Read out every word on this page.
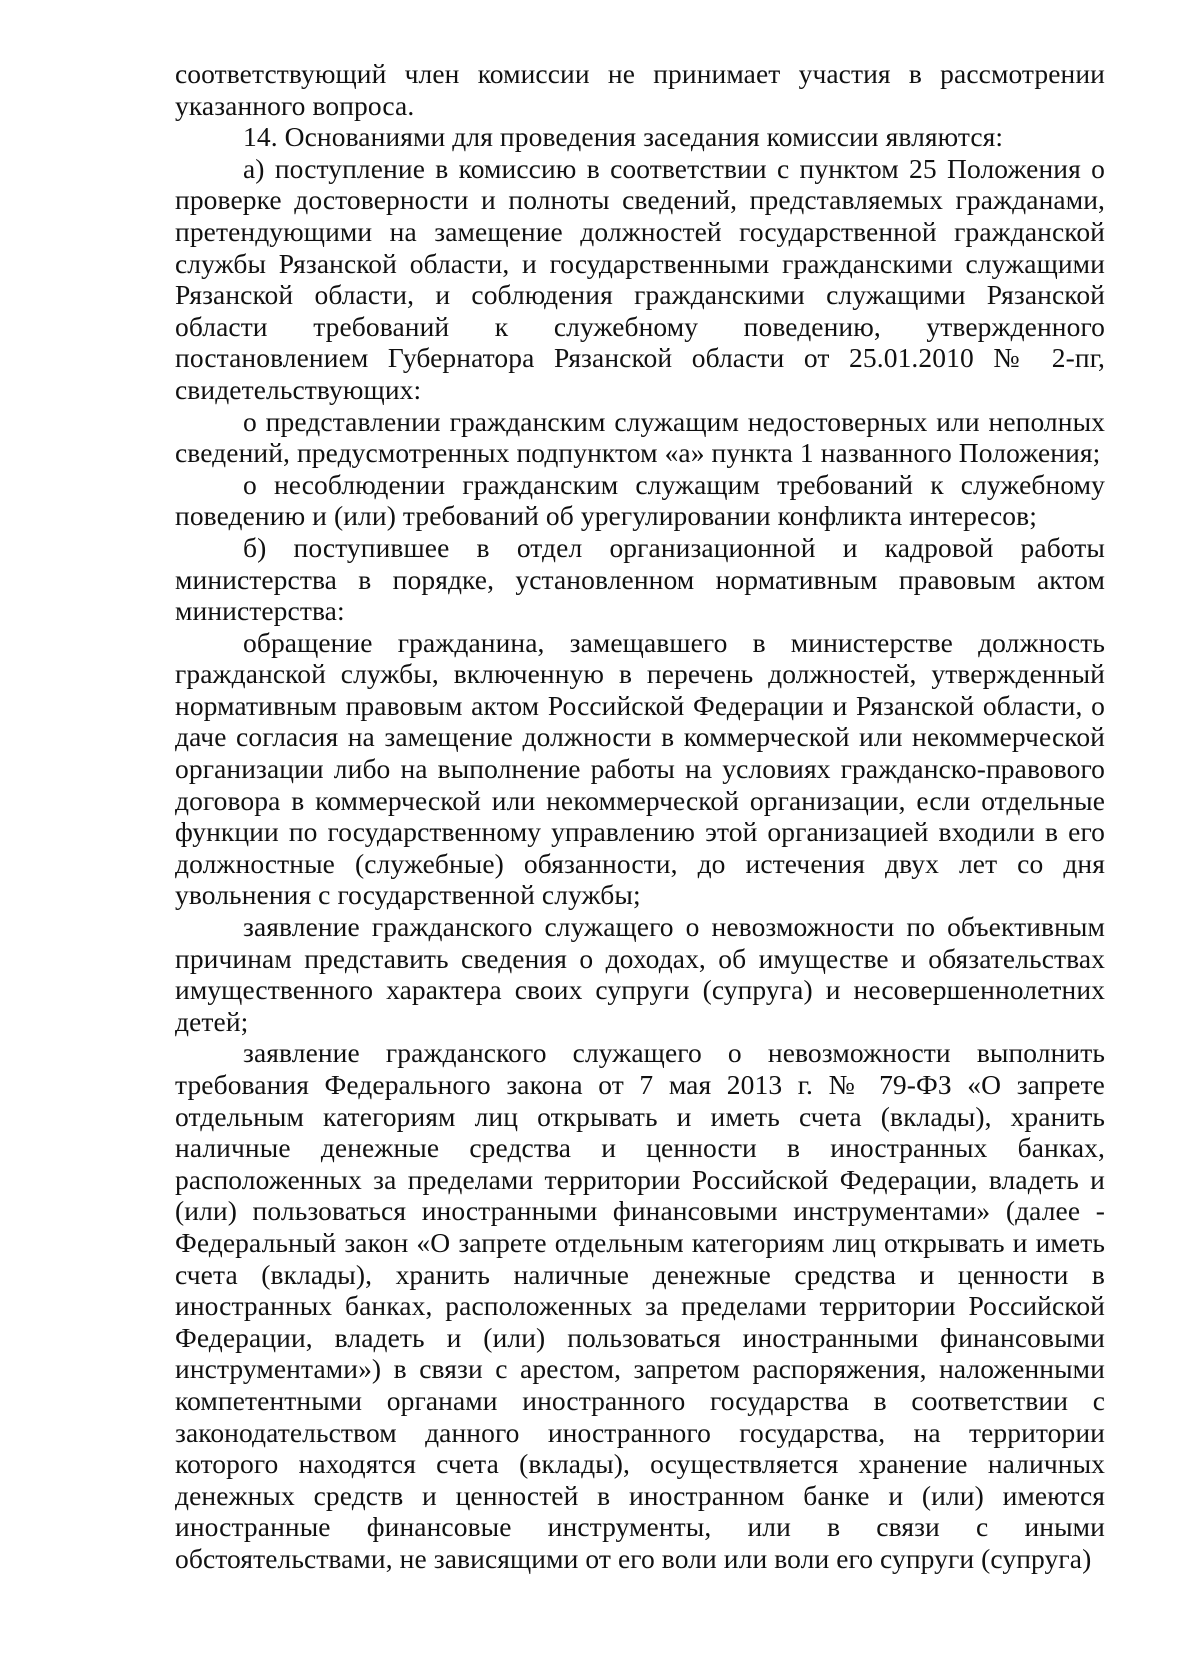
соответствующий член комиссии не принимает участия в рассмотрении указанного вопроса.

14. Основаниями для проведения заседания комиссии являются:

а) поступление в комиссию в соответствии с пунктом 25 Положения о проверке достоверности и полноты сведений, представляемых гражданами, претендующими на замещение должностей государственной гражданской службы Рязанской области, и государственными гражданскими служащими Рязанской области, и соблюдения гражданскими служащими Рязанской области требований к служебному поведению, утвержденного постановлением Губернатора Рязанской области от 25.01.2010 № 2-пг, свидетельствующих:

о представлении гражданским служащим недостоверных или неполных сведений, предусмотренных подпунктом «а» пункта 1 названного Положения;

о несоблюдении гражданским служащим требований к служебному поведению и (или) требований об урегулировании конфликта интересов;

б) поступившее в отдел организационной и кадровой работы министерства в порядке, установленном нормативным правовым актом министерства:

обращение гражданина, замещавшего в министерстве должность гражданской службы, включенную в перечень должностей, утвержденный нормативным правовым актом Российской Федерации и Рязанской области, о даче согласия на замещение должности в коммерческой или некоммерческой организации либо на выполнение работы на условиях гражданско-правового договора в коммерческой или некоммерческой организации, если отдельные функции по государственному управлению этой организацией входили в его должностные (служебные) обязанности, до истечения двух лет со дня увольнения с государственной службы;

заявление гражданского служащего о невозможности по объективным причинам представить сведения о доходах, об имуществе и обязательствах имущественного характера своих супруги (супруга) и несовершеннолетних детей;

заявление гражданского служащего о невозможности выполнить требования Федерального закона от 7 мая 2013 г. № 79-ФЗ «О запрете отдельным категориям лиц открывать и иметь счета (вклады), хранить наличные денежные средства и ценности в иностранных банках, расположенных за пределами территории Российской Федерации, владеть и (или) пользоваться иностранными финансовыми инструментами» (далее - Федеральный закон «О запрете отдельным категориям лиц открывать и иметь счета (вклады), хранить наличные денежные средства и ценности в иностранных банках, расположенных за пределами территории Российской Федерации, владеть и (или) пользоваться иностранными финансовыми инструментами») в связи с арестом, запретом распоряжения, наложенными компетентными органами иностранного государства в соответствии с законодательством данного иностранного государства, на территории которого находятся счета (вклады), осуществляется хранение наличных денежных средств и ценностей в иностранном банке и (или) имеются иностранные финансовые инструменты, или в связи с иными обстоятельствами, не зависящими от его воли или воли его супруги (супруга)
